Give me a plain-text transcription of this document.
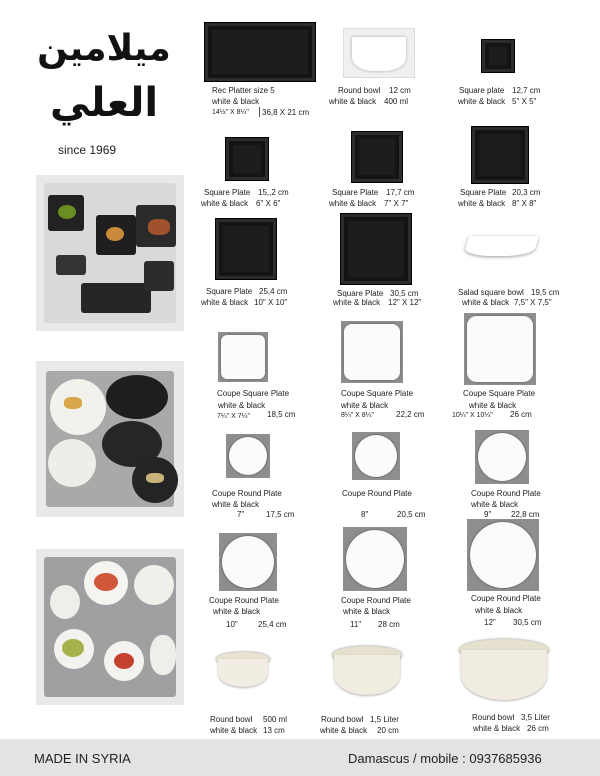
ميلامين
العلي
since 1969
Rec Platter size 5
white & black
14½" X 8¼" 36,8 X 21 cm
Round bowl 12 cm
white & black 400 ml
Square plate 12,7 cm
white & black 5" X 5"
Square Plate 15,,2 cm
white & black 6" X 6"
Square Plate 17,7 cm
white & black 7" X 7"
Square Plate 20,3 cm
white & black 8" X 8"
Square Plate 25,4 cm
white & black 10" X 10"
Square Plate 30,5 cm
white & black 12" X 12"
Salad square bowl 19,5 cm
white & black 7,5" X 7,5"
Coupe Square Plate
white & black
7¼" X 7¼" 18,5 cm
Coupe Square Plate
white & black
8¼" X 8¼"	22,2 cm
Coupe Square Plate
white & black
10¼" X 10¼" 26 cm
Coupe Round Plate
white & black
7"	17,5 cm
Coupe Round Plate
8"	20,5 cm
Coupe Round Plate
white & black
9" 22,8 cm
Coupe Round Plate
white & black
10"	25,4 cm
Coupe Round Plate
white & black
11" 28 cm
Coupe Round Plate
white & black
12" 30,5 cm
Round bowl 500 ml
white & black 13 cm
Round bowl 1,5 Liter
white & black 20 cm
Round bowl 3,5 Liter
white & black 26 cm
MADE IN SYRIA	Damascus / mobile : 0937685936
